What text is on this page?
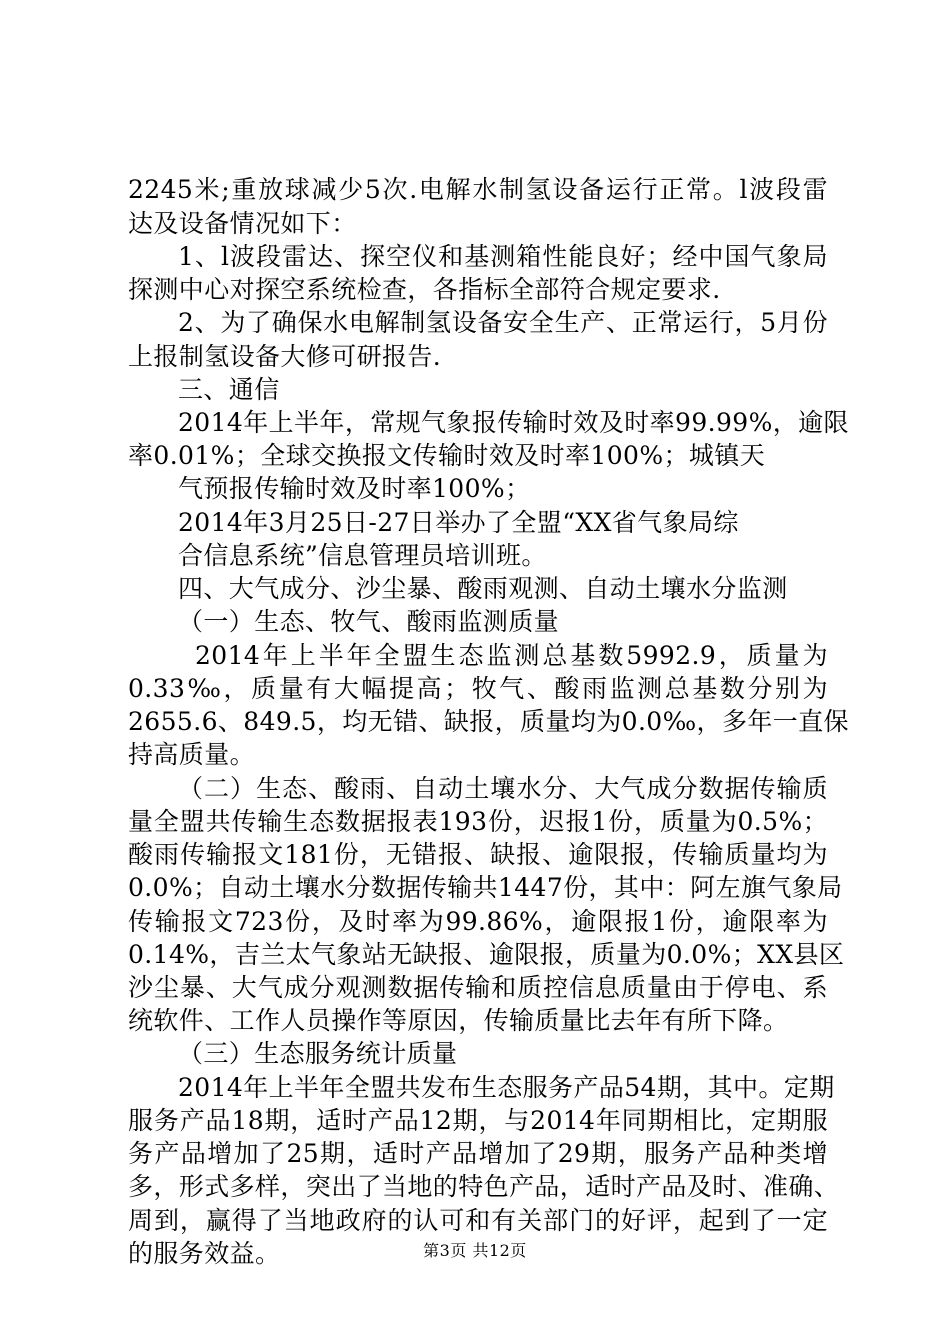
2245米;重放球减少5次.电解水制氢设备运行正常。l波段雷
达及设备情况如下：
1、l波段雷达、探空仪和基测箱性能良好；经中国气象局
探测中心对探空系统检查，各指标全部符合规定要求.
2、为了确保水电解制氢设备安全生产、正常运行，5月份
上报制氢设备大修可研报告.
三、通信
2014年上半年，常规气象报传输时效及时率99.99%，逾限
率0.01%；全球交换报文传输时效及时率100%；城镇天
气预报传输时效及时率100%；
2014年3月25日-27日举办了全盟“XX省气象局综
合信息系统”信息管理员培训班。
四、大气成分、沙尘暴、酸雨观测、自动土壤水分监测
（一）生态、牧气、酸雨监测质量
2014年上半年全盟生态监测总基数5992.9，质量为
0.33‰，质量有大幅提高；牧气、酸雨监测总基数分别为
2655.6、849.5，均无错、缺报，质量均为0.0‰，多年一直保
持高质量。
（二）生态、酸雨、自动土壤水分、大气成分数据传输质
量全盟共传输生态数据报表193份，迟报1份，质量为0.5%；
酸雨传输报文181份，无错报、缺报、逾限报，传输质量均为
0.0%；自动土壤水分数据传输共1447份，其中：阿左旗气象局
传输报文723份，及时率为99.86%，逾限报1份，逾限率为
0.14%，吉兰太气象站无缺报、逾限报，质量为0.0%；XX县区
沙尘暴、大气成分观测数据传输和质控信息质量由于停电、系
统软件、工作人员操作等原因，传输质量比去年有所下降。
（三）生态服务统计质量
2014年上半年全盟共发布生态服务产品54期，其中。定期
服务产品18期，适时产品12期，与2014年同期相比，定期服
务产品增加了25期，适时产品增加了29期，服务产品种类增
多，形式多样，突出了当地的特色产品，适时产品及时、准确、
周到，赢得了当地政府的认可和有关部门的好评，起到了一定
的服务效益。	第3页 共12页
